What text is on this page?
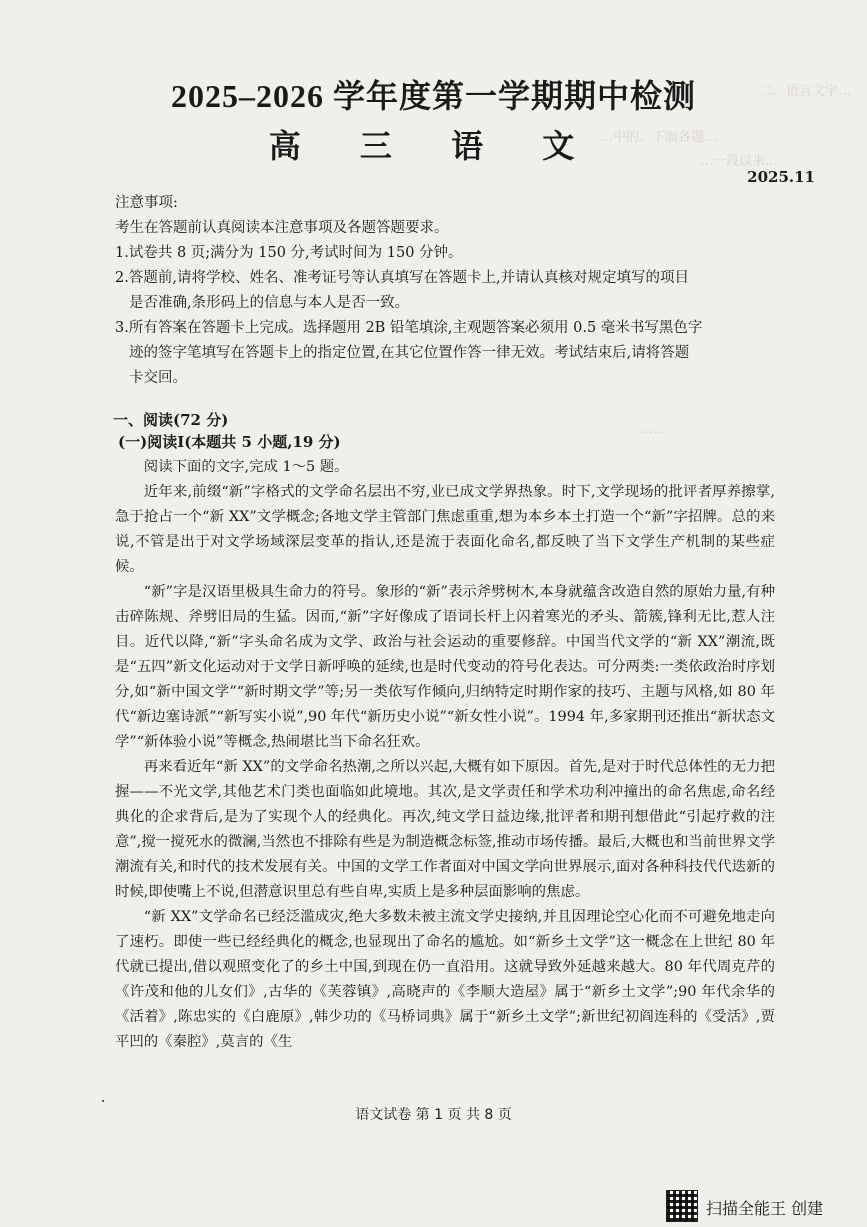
二、语言文字…
…中的。下面各题…
…一段以来…
……
2025–2026 学年度第一学期期中检测
高 三 语 文
2025.11

注意事项:

考生在答题前认真阅读本注意事项及各题答题要求。

1.试卷共 8 页;满分为 150 分,考试时间为 150 分钟。

2.答题前,请将学校、姓名、准考证号等认真填写在答题卡上,并请认真核对规定填写的项目

是否准确,条形码上的信息与本人是否一致。

3.所有答案在答题卡上完成。选择题用 2B 铅笔填涂,主观题答案必须用 0.5 毫米书写黑色字

迹的签字笔填写在答题卡上的指定位置,在其它位置作答一律无效。考试结束后,请将答题

卡交回。

一、阅读(72 分)
(一)阅读I(本题共 5 小题,19 分)

阅读下面的文字,完成 1～5 题。

近年来,前缀“新”字格式的文学命名层出不穷,业已成文学界热象。时下,文学现场的批评者厚养擦掌,急于抢占一个“新 XX”文学概念;各地文学主管部门焦虑重重,想为本乡本土打造一个“新”字招牌。总的来说,不管是出于对文学场域深层变革的指认,还是流于表面化命名,都反映了当下文学生产机制的某些症候。

“新”字是汉语里极具生命力的符号。象形的“新”表示斧劈树木,本身就蕴含改造自然的原始力量,有种击碎陈规、斧劈旧局的生猛。因而,“新”字好像成了语词长杆上闪着寒光的矛头、箭簇,锋利无比,惹人注目。近代以降,“新”字头命名成为文学、政治与社会运动的重要修辞。中国当代文学的“新 XX”潮流,既是“五四”新文化运动对于文学日新呼唤的延续,也是时代变动的符号化表达。可分两类:一类依政治时序划分,如“新中国文学”“新时期文学”等;另一类依写作倾向,归纳特定时期作家的技巧、主题与风格,如 80 年代“新边塞诗派”“新写实小说”,90 年代“新历史小说”“新女性小说”。1994 年,多家期刊还推出“新状态文学”“新体验小说”等概念,热闹堪比当下命名狂欢。

再来看近年“新 XX”的文学命名热潮,之所以兴起,大概有如下原因。首先,是对于时代总体性的无力把握——不光文学,其他艺术门类也面临如此境地。其次,是文学责任和学术功利冲撞出的命名焦虑,命名经典化的企求背后,是为了实现个人的经典化。再次,纯文学日益边缘,批评者和期刊想借此“引起疗救的注意”,搅一搅死水的微澜,当然也不排除有些是为制造概念标签,推动市场传播。最后,大概也和当前世界文学潮流有关,和时代的技术发展有关。中国的文学工作者面对中国文学向世界展示,面对各种科技代代迭新的时候,即使嘴上不说,但潜意识里总有些自卑,实质上是多种层面影响的焦虑。

“新 XX”文学命名已经泛滥成灾,绝大多数未被主流文学史接纳,并且因理论空心化而不可避免地走向了速朽。即使一些已经经典化的概念,也显现出了命名的尴尬。如“新乡土文学”这一概念在上世纪 80 年代就已提出,借以观照变化了的乡土中国,到现在仍一直沿用。这就导致外延越来越大。80 年代周克芹的《许茂和他的儿女们》,古华的《芙蓉镇》,高晓声的《李顺大造屋》属于“新乡土文学”;90 年代余华的《活着》,陈忠实的《白鹿原》,韩少功的《马桥词典》属于“新乡土文学”;新世纪初阎连科的《受活》,贾平凹的《秦腔》,莫言的《生

语文试卷 第 1 页 共 8 页
扫描全能王 创建
